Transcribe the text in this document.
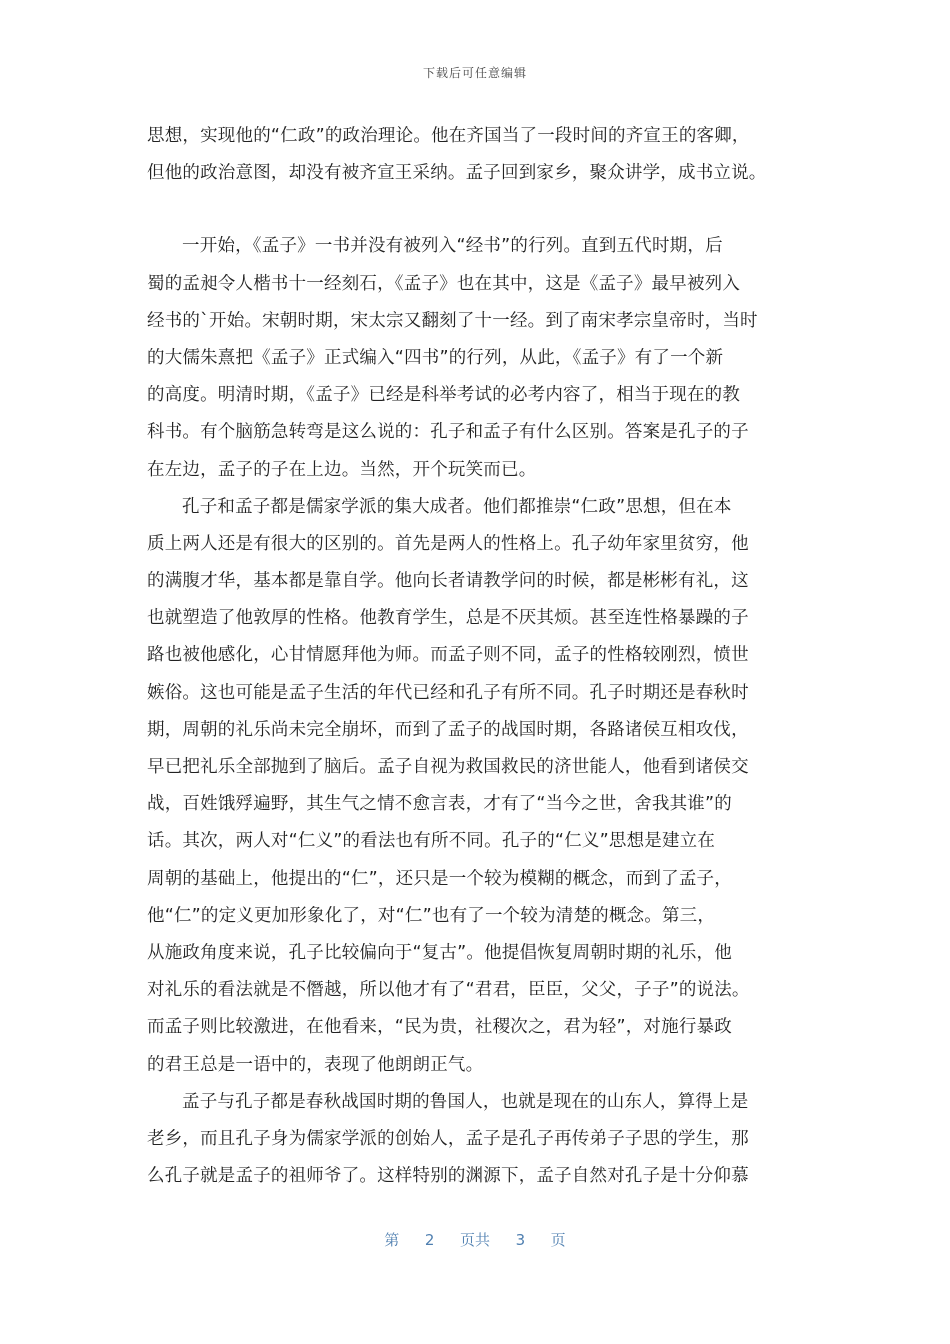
下载后可任意编辑
思想，实现他的“仁政”的政治理论。他在齐国当了一段时间的齐宣王的客卿，
但他的政治意图，却没有被齐宣王采纳。孟子回到家乡，聚众讲学，成书立说。
一开始，《孟子》一书并没有被列入“经书”的行列。直到五代时期，后
蜀的孟昶令人楷书十一经刻石，《孟子》也在其中，这是《孟子》最早被列入
经书的`开始。宋朝时期，宋太宗又翻刻了十一经。到了南宋孝宗皇帝时，当时
的大儒朱熹把《孟子》正式编入“四书”的行列，从此，《孟子》有了一个新
的高度。明清时期，《孟子》已经是科举考试的必考内容了，相当于现在的教
科书。有个脑筋急转弯是这么说的：孔子和孟子有什么区别。答案是孔子的子
在左边，孟子的子在上边。当然，开个玩笑而已。
孔子和孟子都是儒家学派的集大成者。他们都推崇“仁政”思想，但在本
质上两人还是有很大的区别的。首先是两人的性格上。孔子幼年家里贫穷，他
的满腹才华，基本都是靠自学。他向长者请教学问的时候，都是彬彬有礼，这
也就塑造了他敦厚的性格。他教育学生，总是不厌其烦。甚至连性格暴躁的子
路也被他感化，心甘情愿拜他为师。而孟子则不同，孟子的性格较刚烈，愤世
嫉俗。这也可能是孟子生活的年代已经和孔子有所不同。孔子时期还是春秋时
期，周朝的礼乐尚未完全崩坏，而到了孟子的战国时期，各路诸侯互相攻伐，
早已把礼乐全部抛到了脑后。孟子自视为救国救民的济世能人，他看到诸侯交
战，百姓饿殍遍野，其生气之情不愈言表，才有了“当今之世，舍我其谁”的
话。其次，两人对“仁义”的看法也有所不同。孔子的“仁义”思想是建立在
周朝的基础上，他提出的“仁”，还只是一个较为模糊的概念，而到了孟子，
他“仁”的定义更加形象化了，对“仁”也有了一个较为清楚的概念。第三，
从施政角度来说，孔子比较偏向于“复古”。他提倡恢复周朝时期的礼乐，他
对礼乐的看法就是不僭越，所以他才有了“君君，臣臣，父父，子子”的说法。
而孟子则比较激进，在他看来，“民为贵，社稷次之，君为轻”，对施行暴政
的君王总是一语中的，表现了他朗朗正气。
孟子与孔子都是春秋战国时期的鲁国人，也就是现在的山东人，算得上是
老乡，而且孔子身为儒家学派的创始人，孟子是孔子再传弟子子思的学生，那
么孔子就是孟子的祖师爷了。这样特别的渊源下，孟子自然对孔子是十分仰慕
第 2 页共 3 页
